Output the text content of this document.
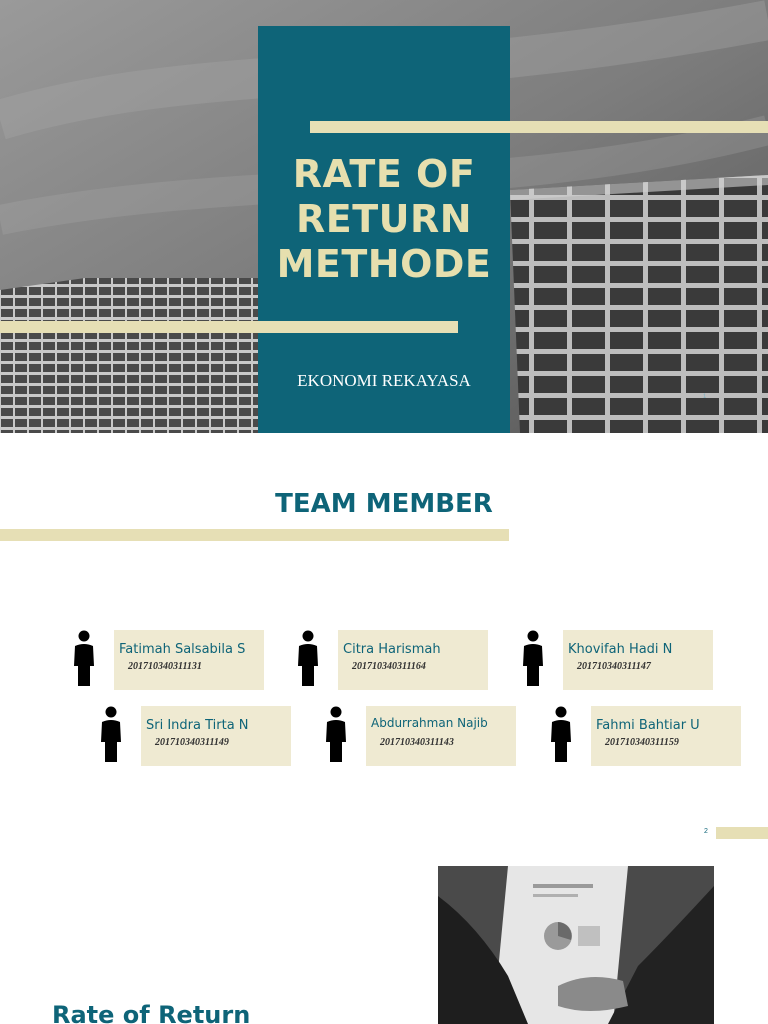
RATE OF
RETURN
METHODE
EKONOMI REKAYASA
1
TEAM MEMBER
Fatimah Salsabila S
201710340311131
Citra Harismah
201710340311164
Khovifah Hadi N
201710340311147
Sri Indra Tirta N
201710340311149
Abdurrahman Najib
201710340311143
Fahmi Bahtiar U
201710340311159
2
Rate of Return
